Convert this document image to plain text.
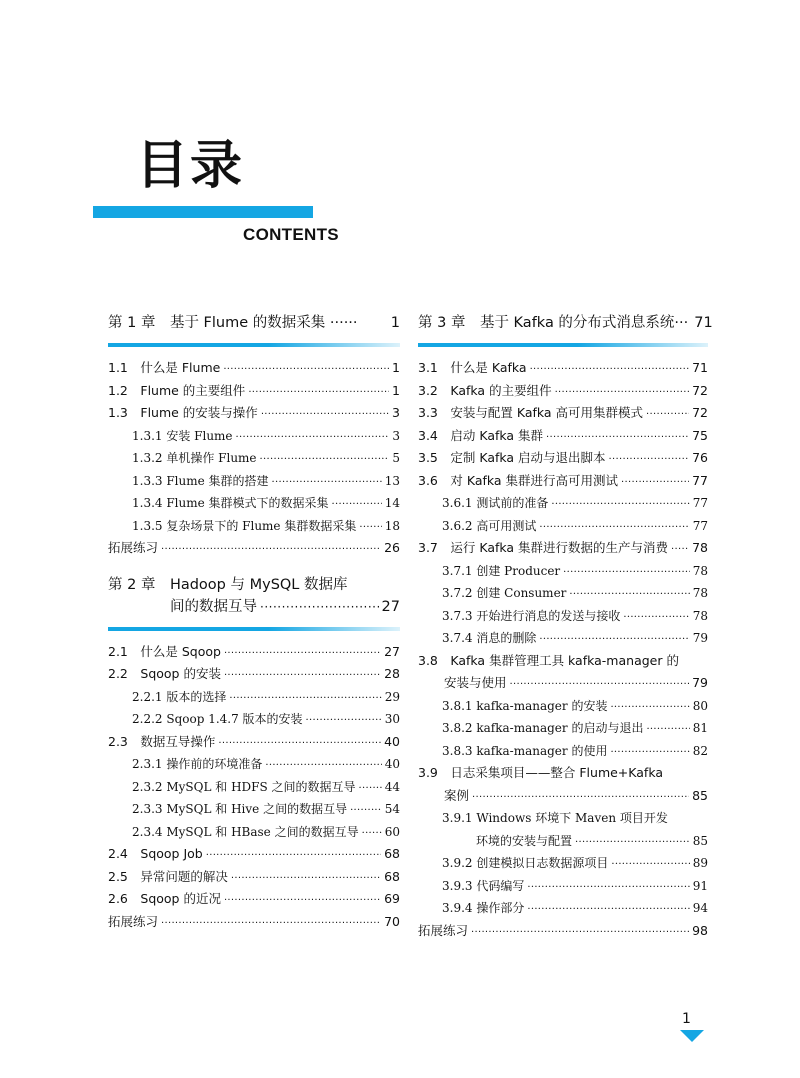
目录
CONTENTS
第 1 章　基于 Flume 的数据采集 ······ 1
1.1　什么是 Flume ·····	1
1.2　Flume 的主要组件 ·····	1
1.3　Flume 的安装与操作 ·····	3
1.3.1 安装 Flume ·····	3
1.3.2 单机操作 Flume ·····	5
1.3.3 Flume 集群的搭建 ·····	13
1.3.4 Flume 集群模式下的数据采集 ·····	14
1.3.5 复杂场景下的 Flume 集群数据采集 ····· 18
拓展练习 ·····	26
第 2 章　Hadoop 与 MySQL 数据库
间的数据互导 ·····	27
2.1　什么是 Sqoop ·····	27
2.2　Sqoop 的安装 ·····	28
2.2.1 版本的选择 ·····	29
2.2.2 Sqoop 1.4.7 版本的安装 ·····	30
2.3　数据互导操作 ·····	40
2.3.1 操作前的环境准备 ·····	40
2.3.2 MySQL 和 HDFS 之间的数据互导 ····· 44
2.3.3 MySQL 和 Hive 之间的数据互导 ·····	54
2.3.4 MySQL 和 HBase 之间的数据互导 ····· 60
2.4　Sqoop Job ·····	68
2.5　异常问题的解决 ·····	68
2.6　Sqoop 的近况 ·····	69
拓展练习 ·····	70
第 3 章　基于 Kafka 的分布式消息系统··· 71
3.1　什么是 Kafka ·····	71
3.2　Kafka 的主要组件 ·····	72
3.3　安装与配置 Kafka 高可用集群模式 ·····	72
3.4　启动 Kafka 集群 ·····	75
3.5　定制 Kafka 启动与退出脚本 ·····	76
3.6　对 Kafka 集群进行高可用测试 ·····	77
3.6.1 测试前的准备 ·····	77
3.6.2 高可用测试 ·····	77
3.7　运行 Kafka 集群进行数据的生产与消费 ····· 78
3.7.1 创建 Producer ·····	78
3.7.2 创建 Consumer ·····	78
3.7.3 开始进行消息的发送与接收 ·····	78
3.7.4 消息的删除 ·····	79
3.8　Kafka 集群管理工具 kafka-manager 的
安装与使用 ·····	79
3.8.1 kafka-manager 的安装 ·····	80
3.8.2 kafka-manager 的启动与退出 ·····	81
3.8.3 kafka-manager 的使用 ·····	82
3.9　日志采集项目——整合 Flume+Kafka
案例 ·····	85
3.9.1 Windows 环境下 Maven 项目开发
环境的安装与配置 ·····	85
3.9.2 创建模拟日志数据源项目 ·····	89
3.9.3 代码编写 ·····	91
3.9.4 操作部分 ·····	94
拓展练习 ·····	98
1
